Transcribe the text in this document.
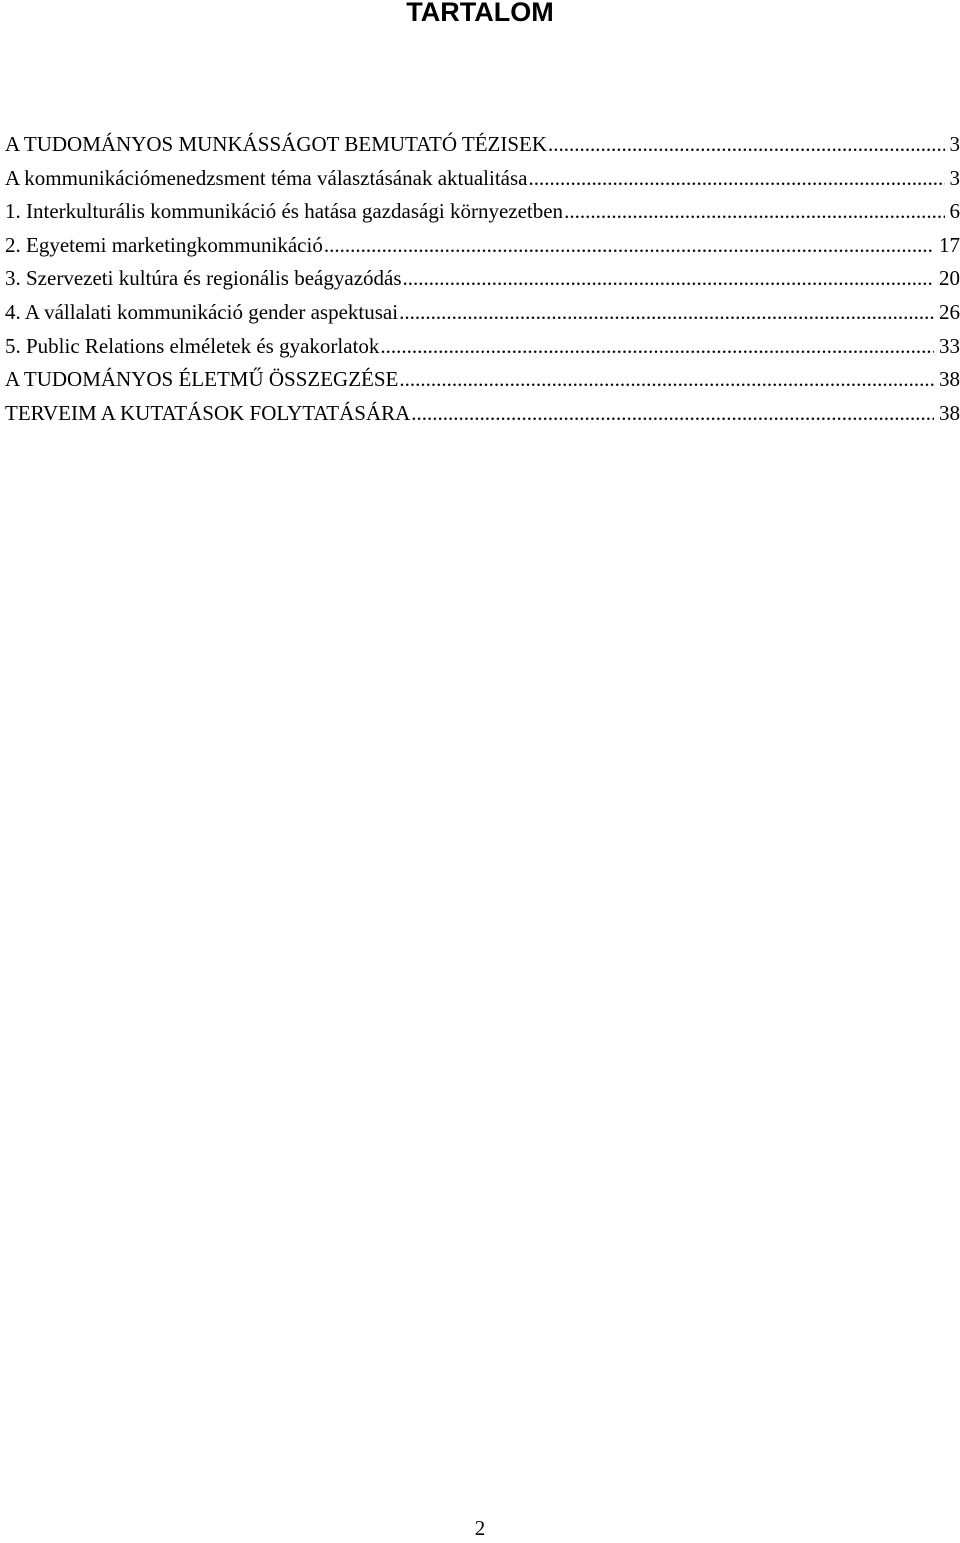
TARTALOM
A TUDOMÁNYOS MUNKÁSSÁGOT BEMUTATÓ TÉZISEK .....	3
A kommunikációmenedzsment téma választásának aktualitása .....	3
1. Interkulturális kommunikáció és hatása gazdasági környezetben .....	6
2. Egyetemi marketingkommunikáció .....	17
3. Szervezeti kultúra és regionális beágyazódás .....	20
4. A vállalati kommunikáció gender aspektusai .....	26
5. Public Relations elméletek és gyakorlatok .....	33
A TUDOMÁNYOS ÉLETMŰ ÖSSZEGZÉSE .....	38
TERVEIM A KUTATÁSOK FOLYTATÁSÁRA .....	38
2
